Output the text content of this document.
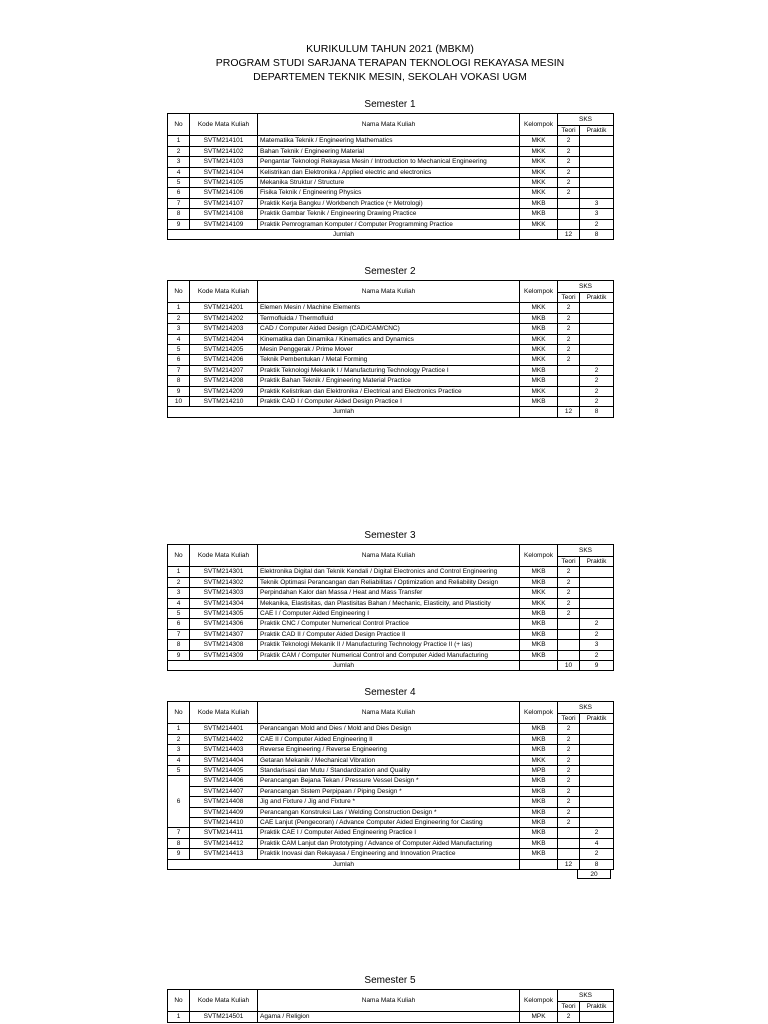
KURIKULUM TAHUN 2021 (MBKM)
PROGRAM STUDI SARJANA TERAPAN TEKNOLOGI REKAYASA MESIN
DEPARTEMEN TEKNIK MESIN, SEKOLAH VOKASI UGM
Semester 1
No	Kode Mata Kuliah	Nama Mata Kuliah	Kelompok	SKS	
				Teori	Praktik
1	SVTM214101	Matematika Teknik / Engineering Mathematics	MKK	2	
2	SVTM214102	Bahan Teknik / Engineering Material	MKK	2	
3	SVTM214103	Pengantar Teknologi Rekayasa Mesin / Introduction to Mechanical Engineering	MKK	2	
4	SVTM214104	Kelistrikan dan Elektronika / Applied electric and electronics	MKK	2	
5	SVTM214105	Mekanika Struktur / Structure	MKK	2	
6	SVTM214106	Fisika Teknik / Engineering Physics	MKK	2	
7	SVTM214107	Praktik Kerja Bangku / Workbench Practice (+ Metrologi)	MKB		3
8	SVTM214108	Praktik Gambar Teknik / Engineering Drawing Practice	MKB		3
9	SVTM214109	Praktik Pemrograman Komputer / Computer Programming Practice	MKK		2
Jumlah				12	8
Semester 2
No	Kode Mata Kuliah	Nama Mata Kuliah	Kelompok	SKS	
				Teori	Praktik
1	SVTM214201	Elemen Mesin / Machine Elements	MKK	2	
2	SVTM214202	Termofluida / Thermofluid	MKB	2	
3	SVTM214203	CAD / Computer Aided Design (CAD/CAM/CNC)	MKB	2	
4	SVTM214204	Kinematika dan Dinamika / Kinematics and Dynamics	MKK	2	
5	SVTM214205	Mesin Penggerak / Prime Mover	MKK	2	
6	SVTM214206	Teknik Pembentukan / Metal Forming	MKK	2	
7	SVTM214207	Praktik Teknologi Mekanik I / Manufacturing Technology Practice I	MKB		2
8	SVTM214208	Praktik Bahan Teknik / Engineering Material Practice	MKB		2
9	SVTM214209	Praktik Kelistrikan dan Elektronika / Electrical and Electronics Practice	MKK		2
10	SVTM214210	Praktik CAD I / Computer Aided Design Practice I	MKB		2
Jumlah				12	8
Semester 3
No	Kode Mata Kuliah	Nama Mata Kuliah	Kelompok	SKS	
				Teori	Praktik
1	SVTM214301	Elektronika Digital dan Teknik Kendali / Digital Electronics and Control Engineering	MKB	2	
2	SVTM214302	Teknik Optimasi Perancangan dan Reliabilitas / Optimization and Reliability Design	MKB	2	
3	SVTM214303	Perpindahan Kalor dan Massa / Heat and Mass Transfer	MKK	2	
4	SVTM214304	Mekanika, Elastisitas, dan Plastisitas Bahan / Mechanic, Elasticity, and Plasticity	MKK	2	
5	SVTM214305	CAE I / Computer Aided Engineering I	MKB	2	
6	SVTM214306	Praktik CNC / Computer Numerical Control Practice	MKB		2
7	SVTM214307	Praktik CAD II / Computer Aided Design Practice II	MKB		2
8	SVTM214308	Praktik Teknologi Mekanik II / Manufacturing Technology Practice II (+ las)	MKB		3
9	SVTM214309	Praktik CAM / Computer Numerical Control and Computer Aided Manufacturing	MKB		2
Jumlah				10	9
Semester 4
No	Kode Mata Kuliah	Nama Mata Kuliah	Kelompok	SKS	
				Teori	Praktik
1	SVTM214401	Perancangan Mold and Dies / Mold and Dies Design	MKB	2	
2	SVTM214402	CAE II / Computer Aided Engineering II	MKB	2	
3	SVTM214403	Reverse Engineering / Reverse Engineering	MKB	2	
4	SVTM214404	Getaran Mekanik / Mechanical Vibration	MKK	2	
5	SVTM214405	Standarisasi dan Mutu / Standardization and Quality	MPB	2	
6	SVTM214406	Perancangan Bejana Tekan / Pressure Vessel Design *	MKB	2	
	SVTM214407	Perancangan Sistem Perpipaan / Piping Design *	MKB	2	
	SVTM214408	Jig and Fixture / Jig and Fixture *	MKB	2	
	SVTM214409	Perancangan Konstruksi Las / Welding Construction Design *	MKB	2	
	SVTM214410	CAE Lanjut (Pengecoran) / Advance Computer Aided Engineering for Casting	MKB	2	
7	SVTM214411	Praktik CAE I / Computer Aided Engineering Practice I	MKB		2
8	SVTM214412	Praktik CAM Lanjut dan Prototyping / Advance of Computer Aided Manufacturing	MKB		4
9	SVTM214413	Praktik Inovasi dan Rekayasa / Engineering and Innovation Practice	MKB		2
Jumlah				12	8
20
Semester 5
No	Kode Mata Kuliah	Nama Mata Kuliah	Kelompok	SKS	
				Teori	Praktik
1	SVTM214501	Agama / Religion	MPK	2	
